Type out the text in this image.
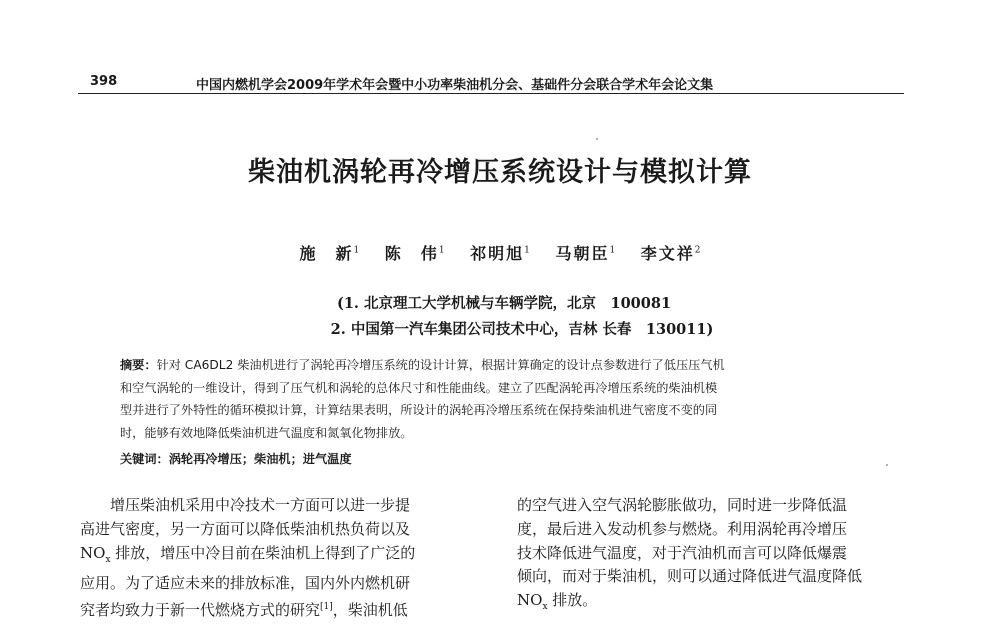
398	中国内燃机学会2009年学术年会暨中小功率柴油机分会、基础件分会联合学术年会论文集
柴油机涡轮再冷增压系统设计与模拟计算
施　新$^1$ 陈　伟$^1$ 祁明旭$^1$ 马朝臣$^1$ 李文祥$^2$
(1. 北京理工大学机械与车辆学院，北京　100081
2. 中国第一汽车集团公司技术中心，吉林 长春　130011)
摘要：针对 CA6DL2 柴油机进行了涡轮再冷增压系统的设计计算，根据计算确定的设计点参数进行了低压压气机
和空气涡轮的一维设计，得到了压气机和涡轮的总体尺寸和性能曲线。建立了匹配涡轮再冷增压系统的柴油机模
型并进行了外特性的循环模拟计算，计算结果表明，所设计的涡轮再冷增压系统在保持柴油机进气密度不变的同
时，能够有效地降低柴油机进气温度和氮氧化物排放。
关键词：涡轮再冷增压；柴油机；进气温度
增压柴油机采用中冷技术一方面可以进一步提
高进气密度，另一方面可以降低柴油机热负荷以及
$NO_x$ 排放，增压中冷目前在柴油机上得到了广泛的
应用。为了适应未来的排放标准，国内外内燃机研
究者均致力于新一代燃烧方式的研究[1]，柴油机低
的空气进入空气涡轮膨胀做功，同时进一步降低温
度，最后进入发动机参与燃烧。利用涡轮再冷增压
技术降低进气温度，对于汽油机而言可以降低爆震
倾向，而对于柴油机，则可以通过降低进气温度降低
$NO_x$ 排放。
